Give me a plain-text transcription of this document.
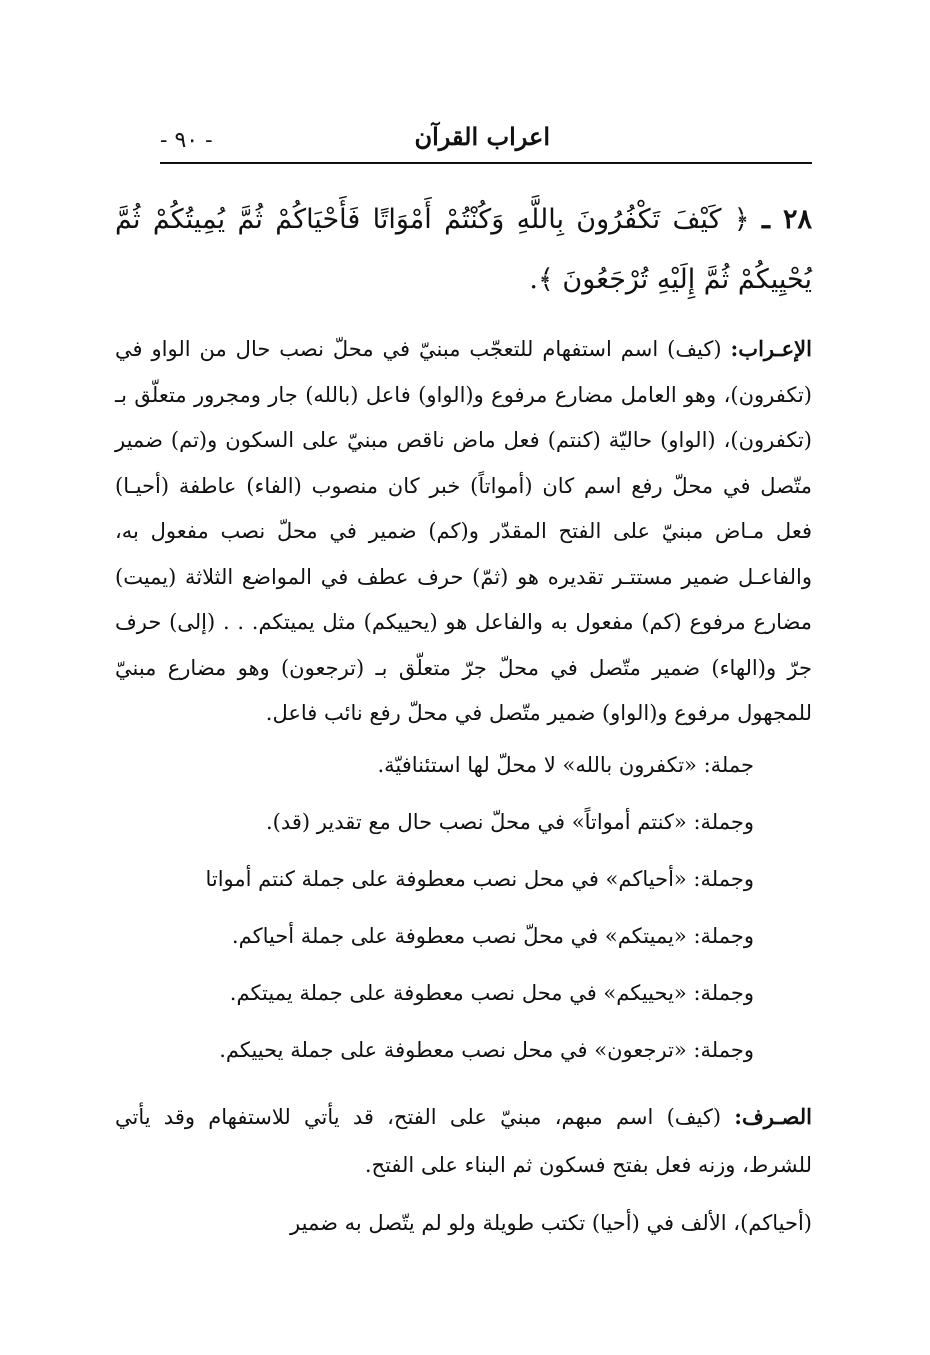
اعراب القرآن
- ٩٠ -
٢٨ ـ ﴿ كَيْفَ تَكْفُرُونَ بِاللَّهِ وَكُنْتُمْ أَمْوَاتًا فَأَحْيَاكُمْ ثُمَّ يُمِيتُكُمْ ثُمَّ يُحْيِيكُمْ ثُمَّ إِلَيْهِ تُرْجَعُونَ ﴾.

الإعـراب: (كيف) اسم استفهام للتعجّب مبنيّ في محلّ نصب حال من الواو في (تكفرون)، وهو العامل مضارع مرفوع و(الواو) فاعل (بالله) جار ومجرور متعلّق بـ (تكفرون)، (الواو) حاليّة (كنتم) فعل ماض ناقص مبنيّ على السكون و(تم) ضمير متّصل في محلّ رفع اسم كان (أمواتاً) خبر كان منصوب (الفاء) عاطفة (أحيـا) فعل مـاض مبنيّ على الفتح المقدّر و(كم) ضمير في محلّ نصب مفعول به، والفاعـل ضمير مستتـر تقديره هو (ثمّ) حرف عطف في المواضع الثلاثة (يميت) مضارع مرفوع (كم) مفعول به والفاعل هو (يحييكم) مثل يميتكم. . . (إلى) حرف جرّ و(الهاء) ضمير متّصل في محلّ جرّ متعلّق بـ (ترجعون) وهو مضارع مبنيّ للمجهول مرفوع و(الواو) ضمير متّصل في محلّ رفع نائب فاعل.

جملة: «تكفرون بالله» لا محلّ لها استئنافيّة.

وجملة: «كنتم أمواتاً» في محلّ نصب حال مع تقدير (قد).

وجملة: «أحياكم» في محل نصب معطوفة على جملة كنتم أمواتا

وجملة: «يميتكم» في محلّ نصب معطوفة على جملة أحياكم.

وجملة: «يحييكم» في محل نصب معطوفة على جملة يميتكم.

وجملة: «ترجعون» في محل نصب معطوفة على جملة يحييكم.

الصـرف: (كيف) اسم مبهم، مبنيّ على الفتح، قد يأتي للاستفهام وقد يأتي للشرط، وزنه فعل بفتح فسكون ثم البناء على الفتح.

(أحياكم)، الألف في (أحيا) تكتب طويلة ولو لم يتّصل به ضمير
